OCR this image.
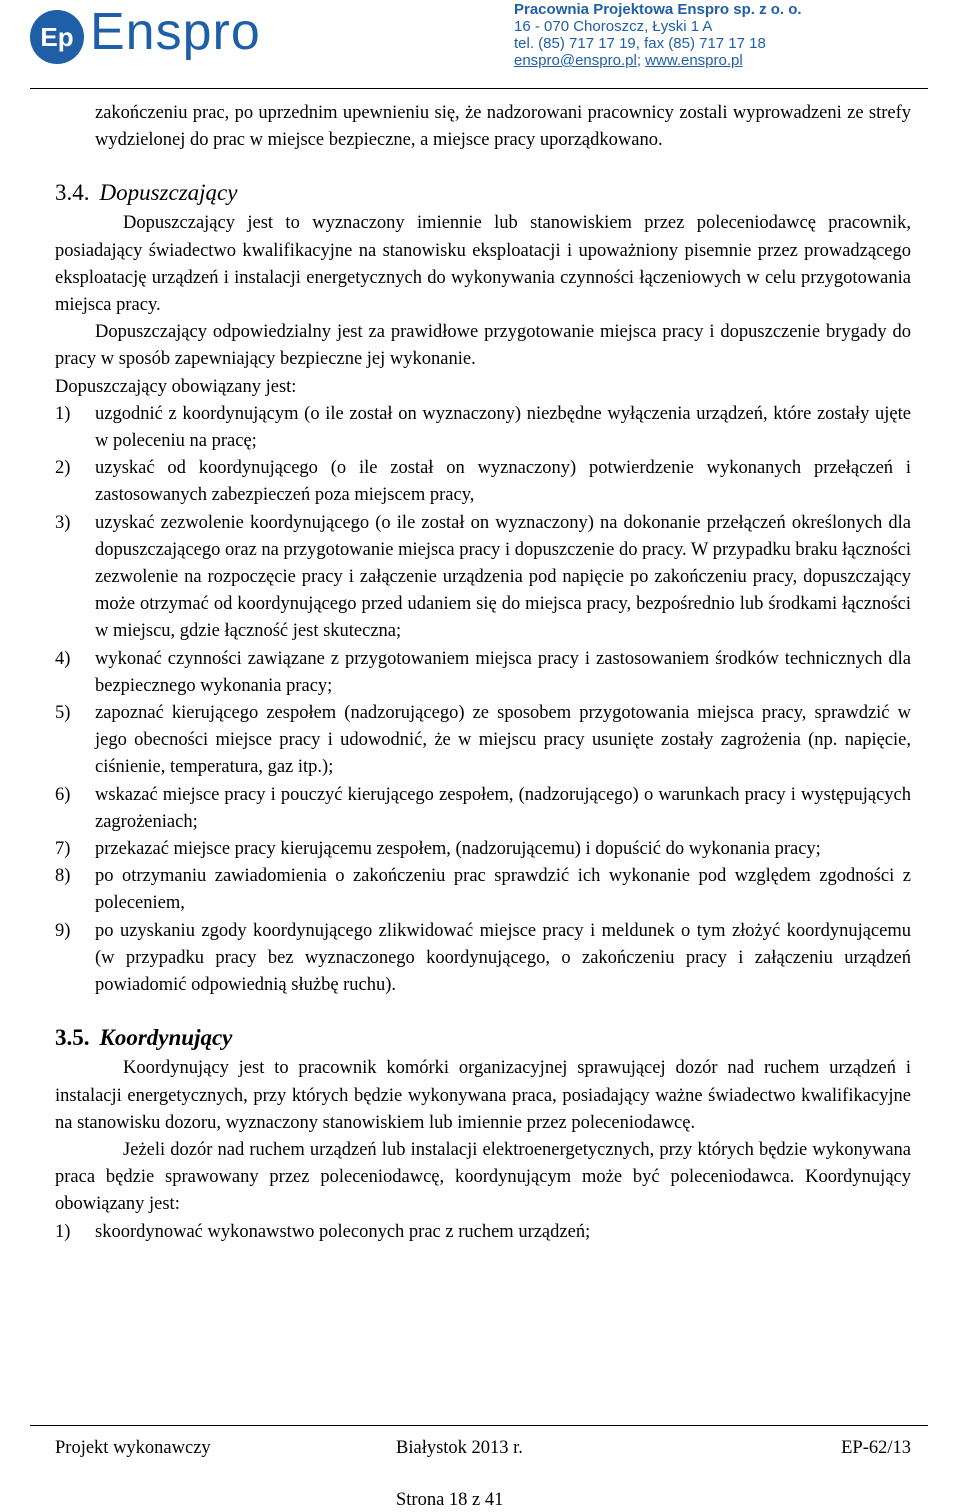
Ep Enspro	Pracownia Projektowa Enspro sp. z o. o.
16 - 070 Choroszcz, Łyski 1 A
tel. (85) 717 17 19, fax (85) 717 17 18
enspro@enspro.pl; www.enspro.pl

zakończeniu prac, po uprzednim upewnieniu się, że nadzorowani pracownicy zostali wyprowadzeni ze strefy wydzielonej do prac w miejsce bezpieczne, a miejsce pracy uporządkowano.

3.4. Dopuszczający

Dopuszczający jest to wyznaczony imiennie lub stanowiskiem przez poleceniodawcę pracownik, posiadający świadectwo kwalifikacyjne na stanowisku eksploatacji i upoważniony pisemnie przez prowadzącego eksploatację urządzeń i instalacji energetycznych do wykonywania czynności łączeniowych w celu przygotowania miejsca pracy.

Dopuszczający odpowiedzialny jest za prawidłowe przygotowanie miejsca pracy i dopuszczenie brygady do pracy w sposób zapewniający bezpieczne jej wykonanie.

Dopuszczający obowiązany jest:

1) uzgodnić z koordynującym (o ile został on wyznaczony) niezbędne wyłączenia urządzeń, które zostały ujęte w poleceniu na pracę;
2) uzyskać od koordynującego (o ile został on wyznaczony) potwierdzenie wykonanych przełączeń i zastosowanych zabezpieczeń poza miejscem pracy,
3) uzyskać zezwolenie koordynującego (o ile został on wyznaczony) na dokonanie przełączeń określonych dla dopuszczającego oraz na przygotowanie miejsca pracy i dopuszczenie do pracy. W przypadku braku łączności zezwolenie na rozpoczęcie pracy i załączenie urządzenia pod napięcie po zakończeniu pracy, dopuszczający może otrzymać od koordynującego przed udaniem się do miejsca pracy, bezpośrednio lub środkami łączności w miejscu, gdzie łączność jest skuteczna;
4) wykonać czynności zawiązane z przygotowaniem miejsca pracy i zastosowaniem środków technicznych dla bezpiecznego wykonania pracy;
5) zapoznać kierującego zespołem (nadzorującego) ze sposobem przygotowania miejsca pracy, sprawdzić w jego obecności miejsce pracy i udowodnić, że w miejscu pracy usunięte zostały zagrożenia (np. napięcie, ciśnienie, temperatura, gaz itp.);
6) wskazać miejsce pracy i pouczyć kierującego zespołem, (nadzorującego) o warunkach pracy i występujących zagrożeniach;
7) przekazać miejsce pracy kierującemu zespołem, (nadzorującemu) i dopuścić do wykonania pracy;
8) po otrzymaniu zawiadomienia o zakończeniu prac sprawdzić ich wykonanie pod względem zgodności z poleceniem,
9) po uzyskaniu zgody koordynującego zlikwidować miejsce pracy i meldunek o tym złożyć koordynującemu (w przypadku pracy bez wyznaczonego koordynującego, o zakończeniu pracy i załączeniu urządzeń powiadomić odpowiednią służbę ruchu).
3.5. Koordynujący

Koordynujący jest to pracownik komórki organizacyjnej sprawującej dozór nad ruchem urządzeń i instalacji energetycznych, przy których będzie wykonywana praca, posiadający ważne świadectwo kwalifikacyjne na stanowisku dozoru, wyznaczony stanowiskiem lub imiennie przez poleceniodawcę.

Jeżeli dozór nad ruchem urządzeń lub instalacji elektroenergetycznych, przy których będzie wykonywana praca będzie sprawowany przez poleceniodawcę, koordynującym może być poleceniodawca. Koordynujący obowiązany jest:

1) skoordynować wykonawstwo poleconych prac z ruchem urządzeń;
Projekt wykonawczy	Białystok 2013 r.	EP-62/13
Strona 18 z 41
